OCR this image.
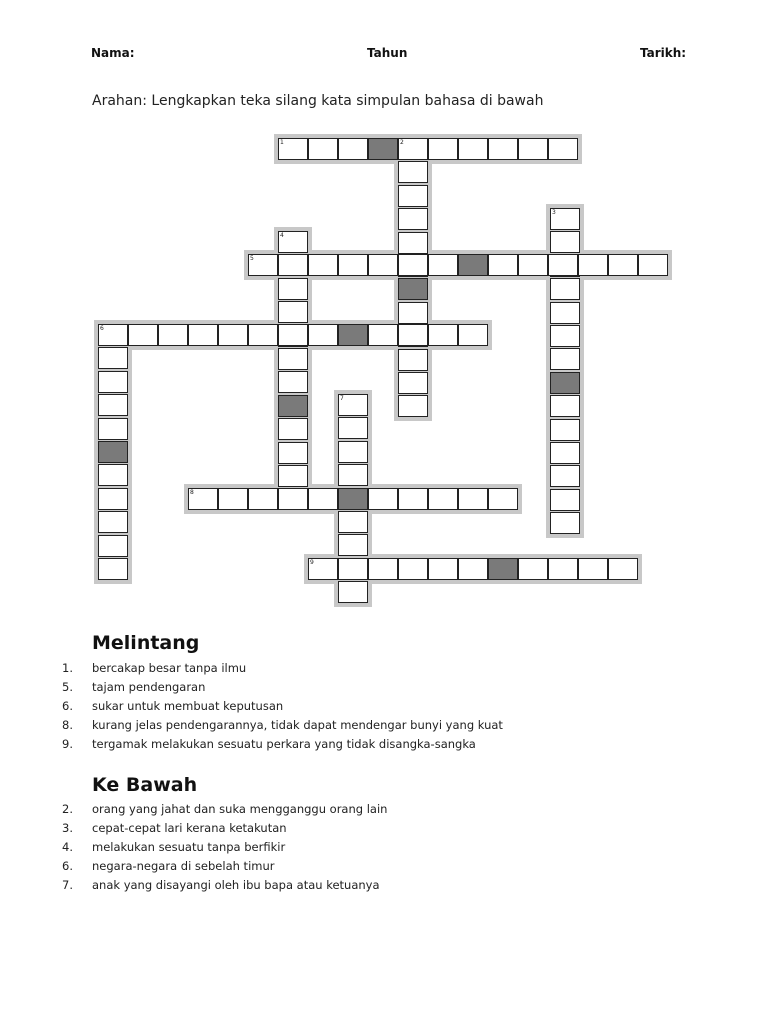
Nama:	Tahun	Tarikh:
Arahan: Lengkapkan teka silang kata simpulan bahasa di bawah
1	2
3
4
5
6
7
8
9
Melintang
1.	bercakap besar tanpa ilmu
5.	tajam pendengaran
6.	sukar untuk membuat keputusan
8.	kurang jelas pendengarannya, tidak dapat mendengar bunyi yang kuat
9.	tergamak melakukan sesuatu perkara yang tidak disangka-sangka
Ke Bawah
2.	orang yang jahat dan suka mengganggu orang lain
3.	cepat-cepat lari kerana ketakutan
4.	melakukan sesuatu tanpa berfikir
6.	negara-negara di sebelah timur
7.	anak yang disayangi oleh ibu bapa atau ketuanya
